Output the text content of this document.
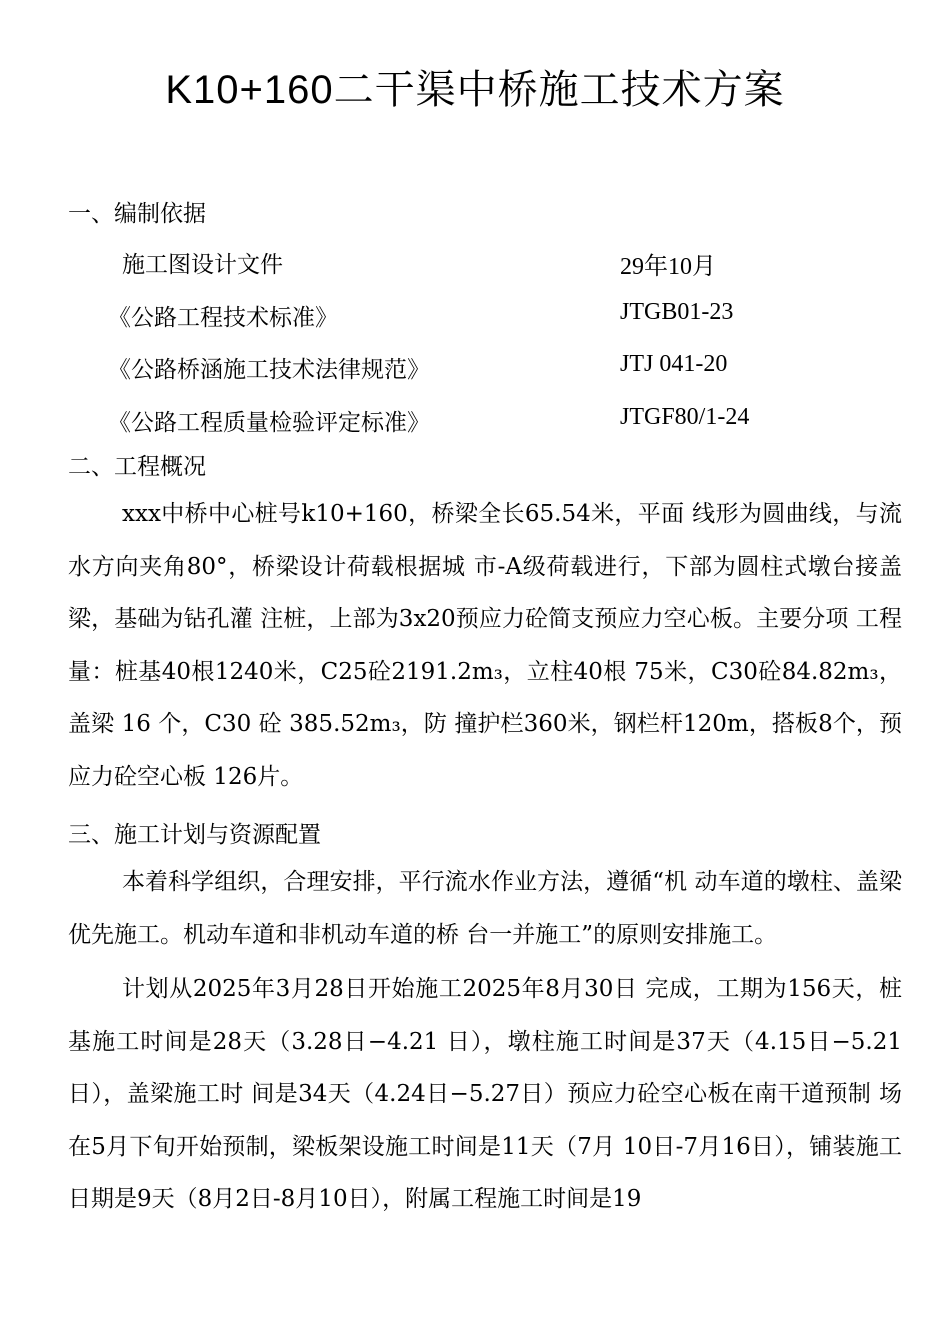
K10+160二干渠中桥施工技术方案
一、编制依据
施工图设计文件	29年10月
《公路工程技术标准》	JTGB01-23
《公路桥涵施工技术法律规范》	JTJ 041-20
《公路工程质量检验评定标准》	JTGF80/1-24
二、工程概况

xxx中桥中心桩号k10+160，桥梁全长65.54米，平面 线形为圆曲线，与流水方向夹角80°，桥梁设计荷载根据城 市-A级荷载进行，下部为圆柱式墩台接盖梁，基础为钻孔灌 注桩，上部为3x20预应力砼简支预应力空心板。主要分项 工程量：桩基40根1240米，C25砼2191.2m₃，立柱40根 75米，C30砼84.82m₃，盖梁 16 个，C30 砼 385.52m₃，防 撞护栏360米，钢栏杆120m，搭板8个，预应力砼空心板 126片。

三、施工计划与资源配置

本着科学组织，合理安排，平行流水作业方法，遵循“机 动车道的墩柱、盖梁优先施工。机动车道和非机动车道的桥 台一并施工”的原则安排施工。

计划从2025年3月28日开始施工2025年8月30日 完成，工期为156天，桩基施工时间是28天（3.28日−4.21 日），墩柱施工时间是37天（4.15日−5.21日），盖梁施工时 间是34天（4.24日−5.27日）预应力砼空心板在南干道预制 场在5月下旬开始预制，梁板架设施工时间是11天（7月 10日-7月16日），铺装施工日期是9天（8月2日-8月10日），附属工程施工时间是19
